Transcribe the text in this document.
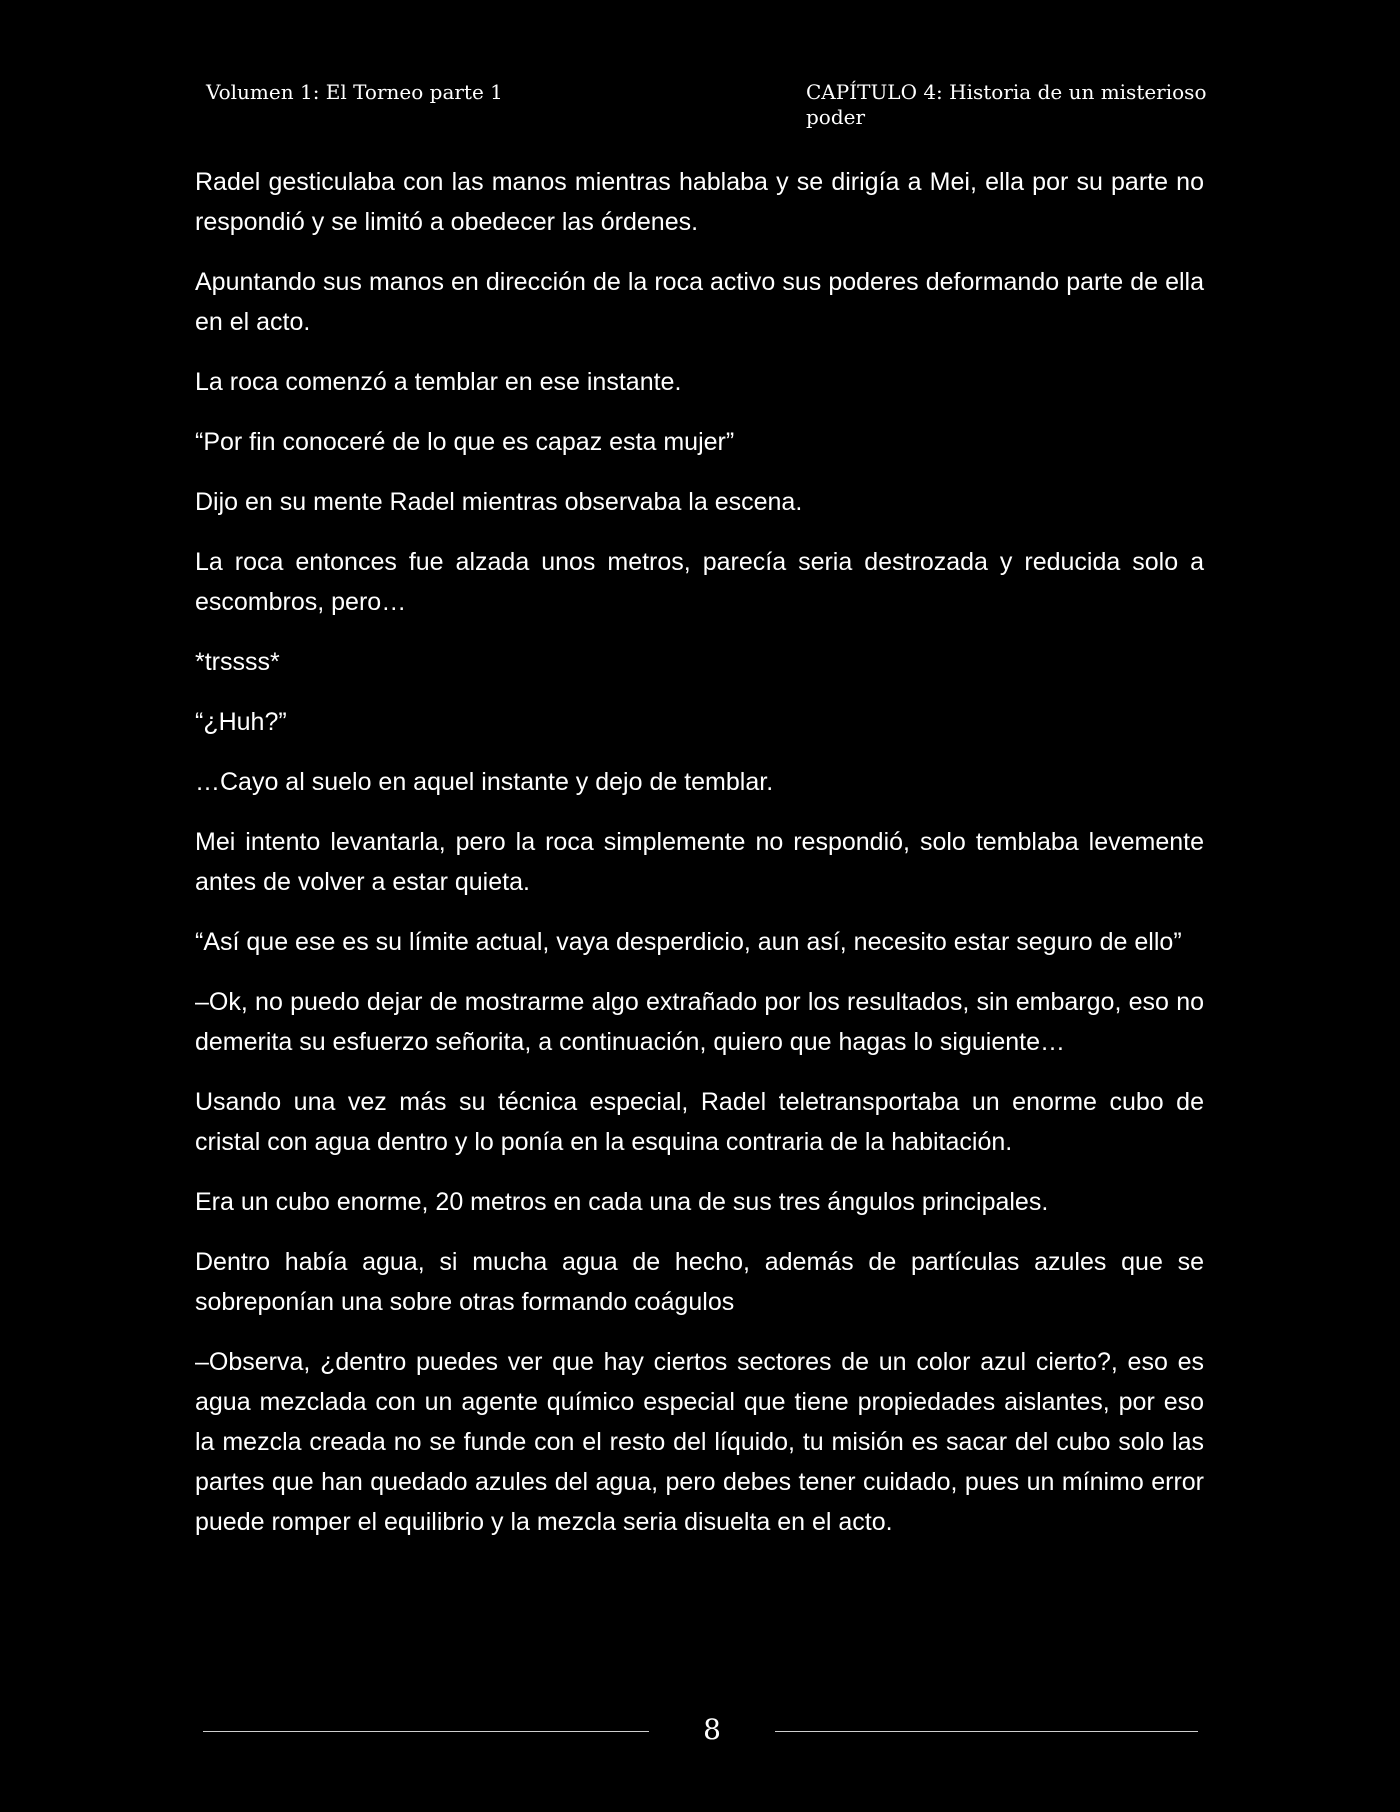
Volumen 1: El Torneo parte 1	CAPÍTULO 4: Historia de un misterioso poder

Radel gesticulaba con las manos mientras hablaba y se dirigía a Mei, ella por su parte no respondió y se limitó a obedecer las órdenes.

Apuntando sus manos en dirección de la roca activo sus poderes deformando parte de ella en el acto.

La roca comenzó a temblar en ese instante.

“Por fin conoceré de lo que es capaz esta mujer”

Dijo en su mente Radel mientras observaba la escena.

La roca entonces fue alzada unos metros, parecía seria destrozada y reducida solo a escombros, pero…

*trssss*

“¿Huh?”

…Cayo al suelo en aquel instante y dejo de temblar.

Mei intento levantarla, pero la roca simplemente no respondió, solo temblaba levemente antes de volver a estar quieta.

“Así que ese es su límite actual, vaya desperdicio, aun así, necesito estar seguro de ello”

–Ok, no puedo dejar de mostrarme algo extrañado por los resultados, sin embargo, eso no demerita su esfuerzo señorita, a continuación, quiero que hagas lo siguiente…

Usando una vez más su técnica especial, Radel teletransportaba un enorme cubo de cristal con agua dentro y lo ponía en la esquina contraria de la habitación.

Era un cubo enorme, 20 metros en cada una de sus tres ángulos principales.

Dentro había agua, si mucha agua de hecho, además de partículas azules que se sobreponían una sobre otras formando coágulos

–Observa, ¿dentro puedes ver que hay ciertos sectores de un color azul cierto?, eso es agua mezclada con un agente químico especial que tiene propiedades aislantes, por eso la mezcla creada no se funde con el resto del líquido, tu misión es sacar del cubo solo las partes que han quedado azules del agua, pero debes tener cuidado, pues un mínimo error puede romper el equilibrio y la mezcla seria disuelta en el acto.

8
